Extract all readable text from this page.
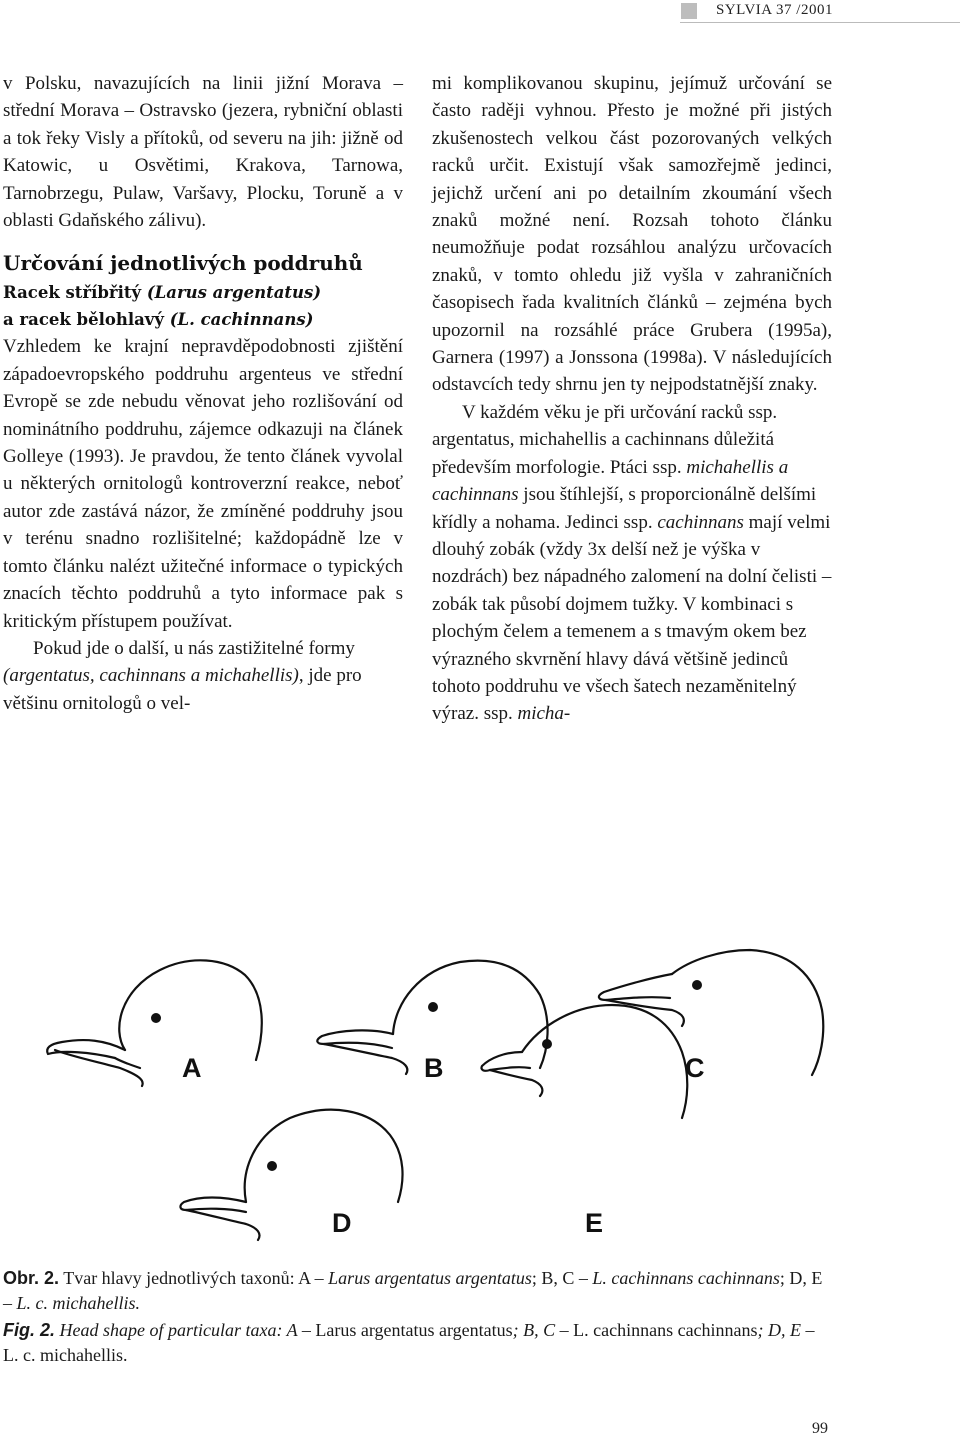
SYLVIA 37 /2001

v Polsku, navazujících na linii jižní Morava – střední Morava – Ostravsko (jezera, rybniční oblasti a tok řeky Visly a přítoků, od severu na jih: jižně od Katowic, u Osvětimi, Krakova, Tarnowa, Tarnobrzegu, Pulaw, Varšavy, Plocku, Toruně a v oblasti Gdaňského zálivu).

Určování jednotlivých poddruhů
Racek stříbřitý (Larus argentatus)
a racek bělohlavý (L. cachinnans)

Vzhledem ke krajní nepravděpodobnosti zjištění západoevropského poddruhu argenteus ve střední Evropě se zde nebudu věnovat jeho rozlišování od nominátního poddruhu, zájemce odkazuji na článek Golleye (1993). Je pravdou, že tento článek vyvolal u některých ornitologů kontroverzní reakce, neboť autor zde zastává názor, že zmíněné poddruhy jsou v terénu snadno rozlišitelné; každopádně lze v tomto článku nalézt užitečné informace o typických znacích těchto poddruhů a tyto informace pak s kritickým přístupem používat.

Pokud jde o další, u nás zastižitelné formy (argentatus, cachinnans a michahellis), jde pro většinu ornitologů o vel-

mi komplikovanou skupinu, jejímuž určování se často raději vyhnou. Přesto je možné při jistých zkušenostech velkou část pozorovaných velkých racků určit. Existují však samozřejmě jedinci, jejichž určení ani po detailním zkoumání všech znaků možné není. Rozsah tohoto článku neumožňuje podat rozsáhlou analýzu určovacích znaků, v tomto ohledu již vyšla v zahraničních časopisech řada kvalitních článků – zejména bych upozornil na rozsáhlé práce Grubera (1995a), Garnera (1997) a Jonssona (1998a). V následujících odstavcích tedy shrnu jen ty nejpodstatnější znaky.

V každém věku je při určování racků ssp. argentatus, michahellis a cachinnans důležitá především morfologie. Ptáci ssp. michahellis a cachinnans jsou štíhlejší, s proporcionálně delšími křídly a nohama. Jedinci ssp. cachinnans mají velmi dlouhý zobák (vždy 3x delší než je výška v nozdrách) bez nápadného zalomení na dolní čelisti – zobák tak působí dojmem tužky. V kombinaci s plochým čelem a temenem a s tmavým okem bez výrazného skvrnění hlavy dává většině jedinců tohoto poddruhu ve všech šatech nezaměnitelný výraz. ssp. micha-

A	B	C
D	E
Obr. 2. Tvar hlavy jednotlivých taxonů: A – Larus argentatus argentatus; B, C – L. cachinnans cachinnans; D, E – L. c. michahellis.
Fig. 2. Head shape of particular taxa: A – Larus argentatus argentatus; B, C – L. cachinnans cachinnans; D, E – L. c. michahellis.
99
